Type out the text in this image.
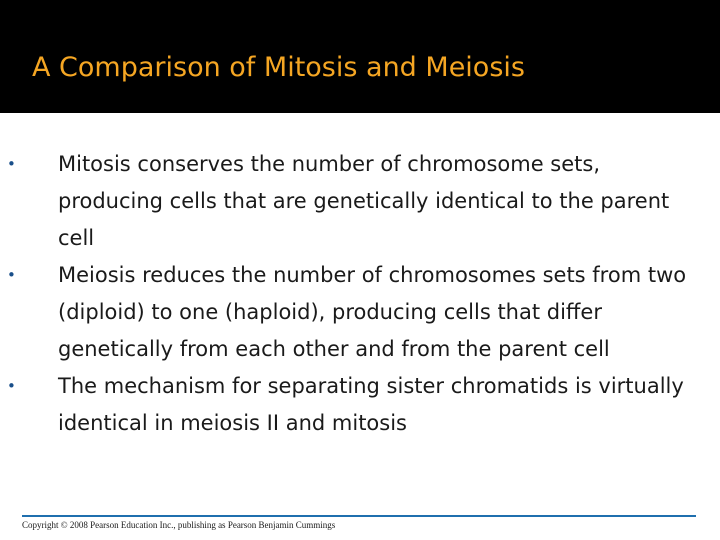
A Comparison of Mitosis and Meiosis
• Mitosis conserves the number of chromosome sets, producing cells that are genetically identical to the parent cell
• Meiosis reduces the number of chromosomes sets from two (diploid) to one (haploid), producing cells that differ genetically from each other and from the parent cell
• The mechanism for separating sister chromatids is virtually identical in meiosis II and mitosis
Copyright © 2008 Pearson Education Inc., publishing as Pearson Benjamin Cummings
